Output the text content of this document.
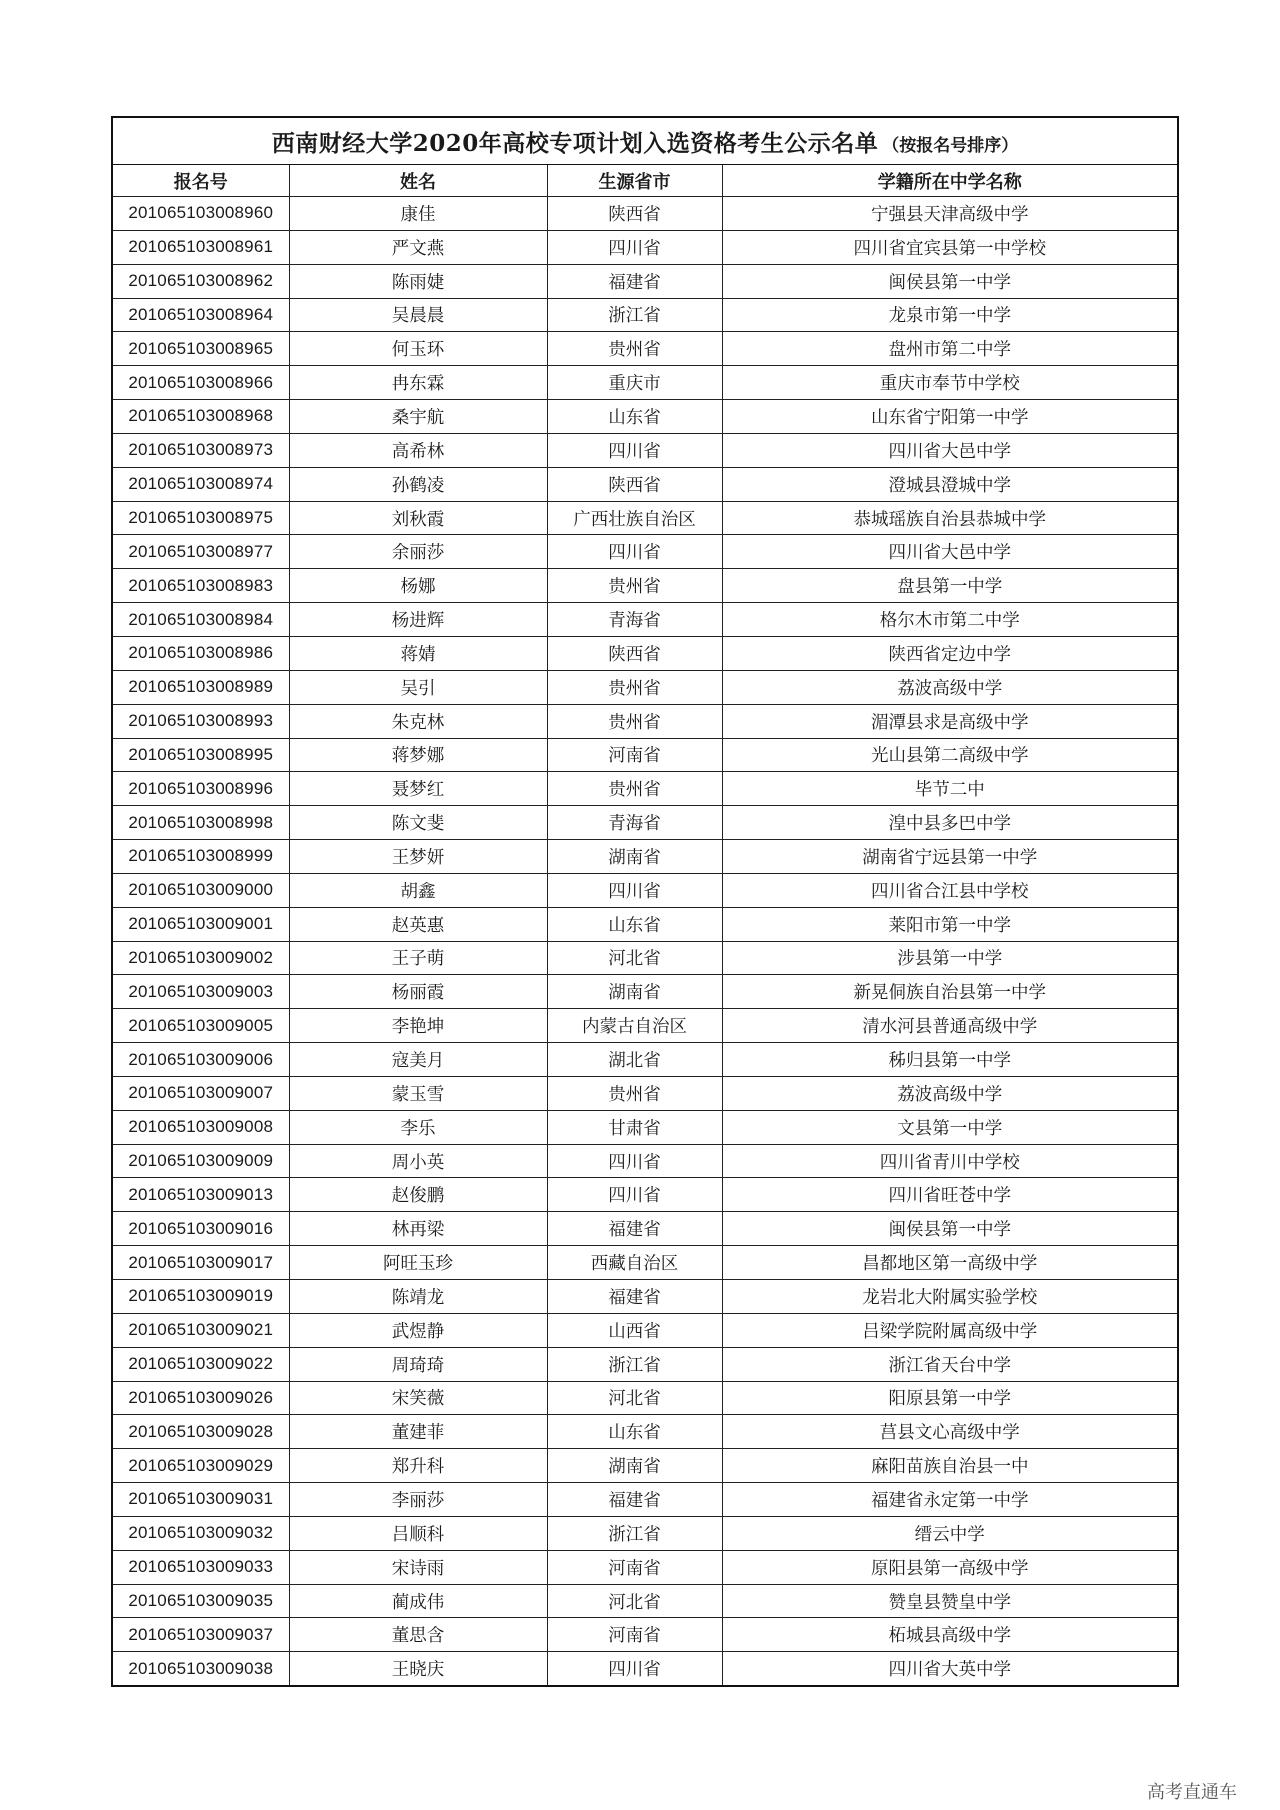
西南财经大学2020年高校专项计划入选资格考生公示名单 （按报名号排序）			
报名号	姓名	生源省市	学籍所在中学名称
201065103008960	康佳	陕西省	宁强县天津高级中学
201065103008961	严文燕	四川省	四川省宜宾县第一中学校
201065103008962	陈雨婕	福建省	闽侯县第一中学
201065103008964	吴晨晨	浙江省	龙泉市第一中学
201065103008965	何玉环	贵州省	盘州市第二中学
201065103008966	冉东霖	重庆市	重庆市奉节中学校
201065103008968	桑宇航	山东省	山东省宁阳第一中学
201065103008973	高希林	四川省	四川省大邑中学
201065103008974	孙鹤凌	陕西省	澄城县澄城中学
201065103008975	刘秋霞	广西壮族自治区	恭城瑶族自治县恭城中学
201065103008977	余丽莎	四川省	四川省大邑中学
201065103008983	杨娜	贵州省	盘县第一中学
201065103008984	杨进辉	青海省	格尔木市第二中学
201065103008986	蒋婧	陕西省	陕西省定边中学
201065103008989	吴引	贵州省	荔波高级中学
201065103008993	朱克林	贵州省	湄潭县求是高级中学
201065103008995	蒋梦娜	河南省	光山县第二高级中学
201065103008996	聂梦红	贵州省	毕节二中
201065103008998	陈文斐	青海省	湟中县多巴中学
201065103008999	王梦妍	湖南省	湖南省宁远县第一中学
201065103009000	胡鑫	四川省	四川省合江县中学校
201065103009001	赵英惠	山东省	莱阳市第一中学
201065103009002	王子萌	河北省	涉县第一中学
201065103009003	杨丽霞	湖南省	新晃侗族自治县第一中学
201065103009005	李艳坤	内蒙古自治区	清水河县普通高级中学
201065103009006	寇美月	湖北省	秭归县第一中学
201065103009007	蒙玉雪	贵州省	荔波高级中学
201065103009008	李乐	甘肃省	文县第一中学
201065103009009	周小英	四川省	四川省青川中学校
201065103009013	赵俊鹏	四川省	四川省旺苍中学
201065103009016	林再梁	福建省	闽侯县第一中学
201065103009017	阿旺玉珍	西藏自治区	昌都地区第一高级中学
201065103009019	陈靖龙	福建省	龙岩北大附属实验学校
201065103009021	武煜静	山西省	吕梁学院附属高级中学
201065103009022	周琦琦	浙江省	浙江省天台中学
201065103009026	宋笑薇	河北省	阳原县第一中学
201065103009028	董建菲	山东省	莒县文心高级中学
201065103009029	郑升科	湖南省	麻阳苗族自治县一中
201065103009031	李丽莎	福建省	福建省永定第一中学
201065103009032	吕顺科	浙江省	缙云中学
201065103009033	宋诗雨	河南省	原阳县第一高级中学
201065103009035	蔺成伟	河北省	赞皇县赞皇中学
201065103009037	董思含	河南省	柘城县高级中学
201065103009038	王晓庆	四川省	四川省大英中学
高考直通车
